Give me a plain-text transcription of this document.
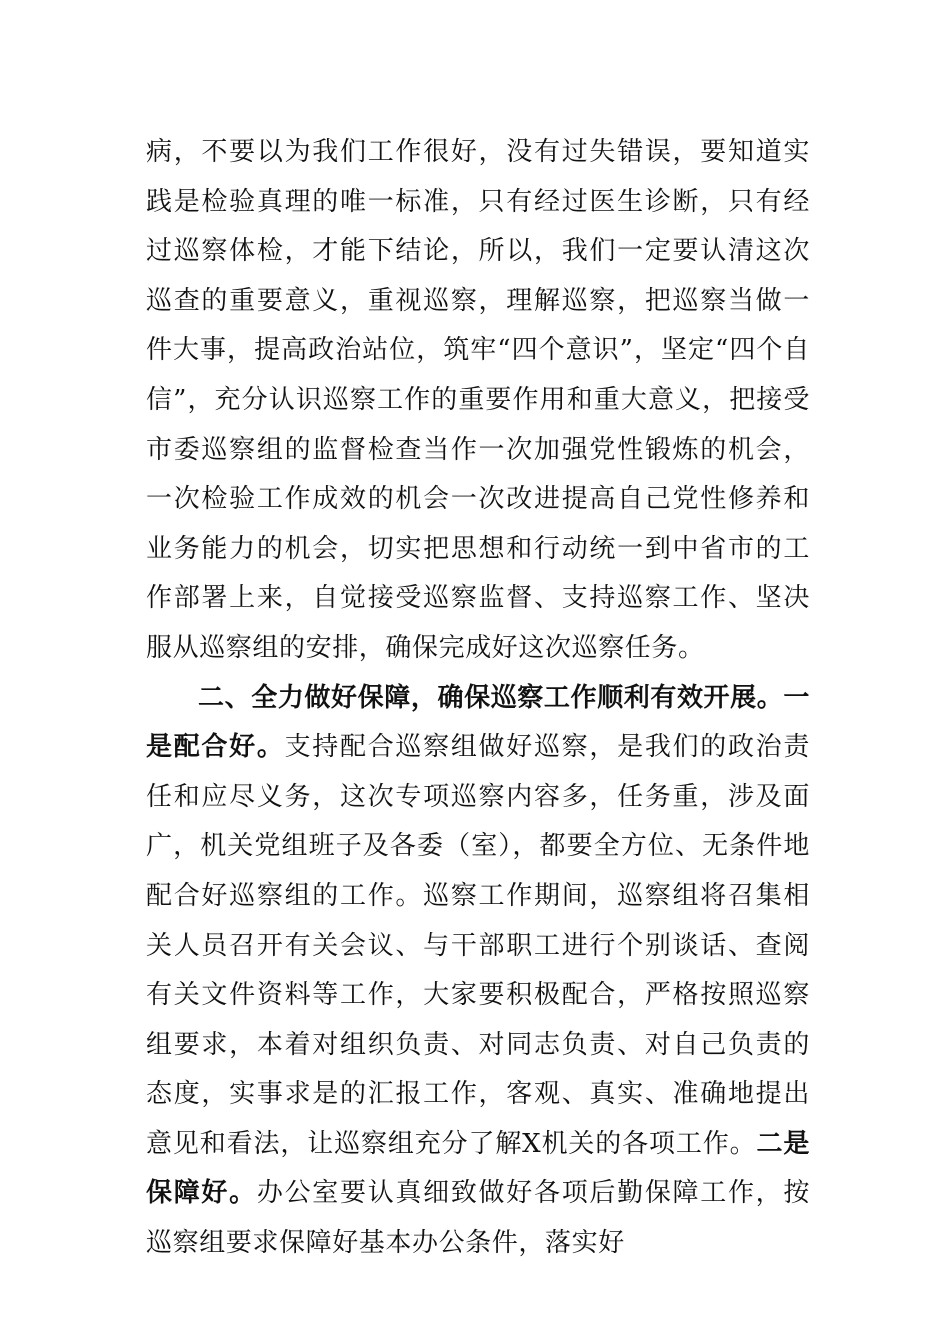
病，不要以为我们工作很好，没有过失错误，要知道实践是检验真理的唯一标准，只有经过医生诊断，只有经过巡察体检，才能下结论，所以，我们一定要认清这次巡查的重要意义，重视巡察，理解巡察，把巡察当做一件大事，提高政治站位，筑牢“四个意识”，坚定“四个自信”，充分认识巡察工作的重要作用和重大意义，把接受市委巡察组的监督检查当作一次加强党性锻炼的机会，一次检验工作成效的机会一次改进提高自己党性修养和业务能力的机会，切实把思想和行动统一到中省市的工作部署上来，自觉接受巡察监督、支持巡察工作、坚决服从巡察组的安排，确保完成好这次巡察任务。

二、全力做好保障，确保巡察工作顺利有效开展。一是配合好。支持配合巡察组做好巡察，是我们的政治责任和应尽义务，这次专项巡察内容多，任务重，涉及面广，机关党组班子及各委（室），都要全方位、无条件地配合好巡察组的工作。巡察工作期间，巡察组将召集相关人员召开有关会议、与干部职工进行个别谈话、查阅有关文件资料等工作，大家要积极配合，严格按照巡察组要求，本着对组织负责、对同志负责、对自己负责的态度，实事求是的汇报工作，客观、真实、准确地提出意见和看法，让巡察组充分了解X机关的各项工作。二是保障好。办公室要认真细致做好各项后勤保障工作，按巡察组要求保障好基本办公条件，落实好
